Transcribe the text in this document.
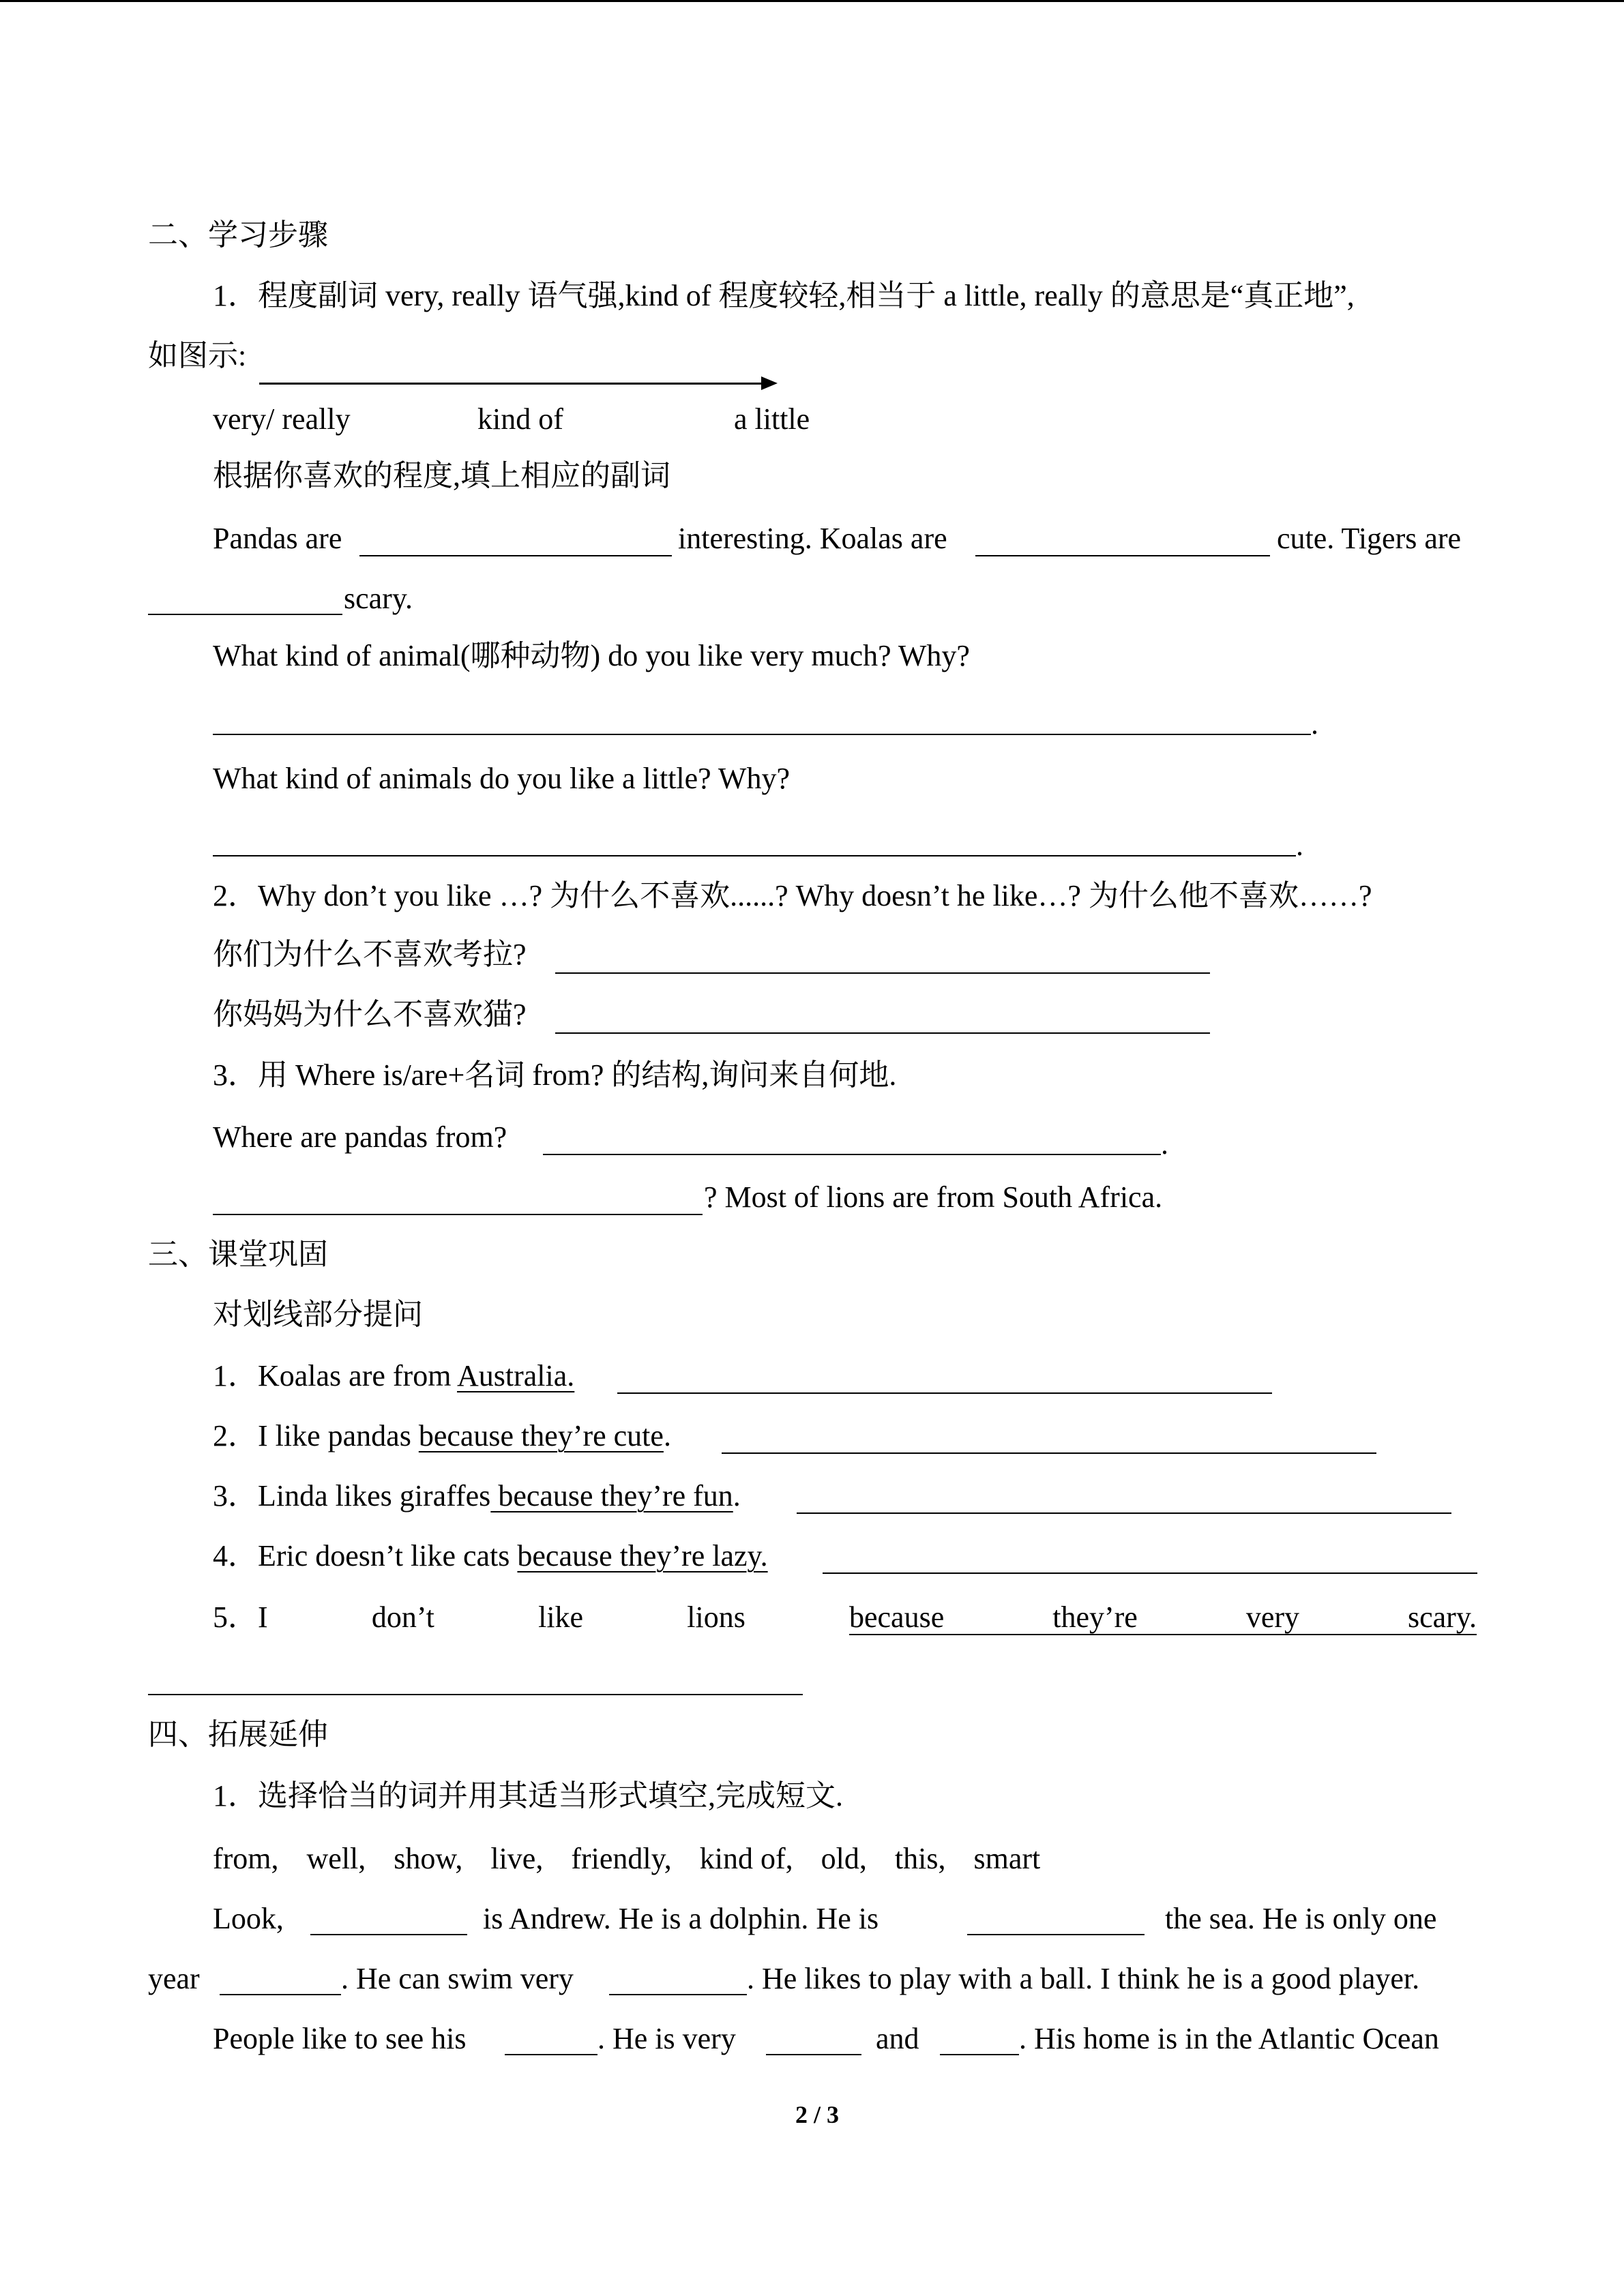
二、学习步骤
1．程度副词 very, really 语气强,kind of 程度较轻,相当于 a little, really 的意思是“真正地”,
如图示:
very/ really	kind of	a little
根据你喜欢的程度,填上相应的副词
Pandas are	interesting. Koalas are	cute. Tigers are
scary.
What kind of animal(哪种动物) do you like very much? Why?
.
What kind of animals do you like a little? Why?
.
2．Why don’t you like …? 为什么不喜欢......? Why doesn’t he like…? 为什么他不喜欢……?
你们为什么不喜欢考拉?
你妈妈为什么不喜欢猫?
3．用 Where is/are+名词 from? 的结构,询问来自何地.
Where are pandas from?	.
? Most of lions are from South Africa.
三、课堂巩固
对划线部分提问
1．Koalas are from Australia.
2．I like pandas because they’re cute.
3．Linda likes giraffes because they’re fun.
4．Eric doesn’t like cats because they’re lazy.
5．I	don’t	like	lions	because	they’re	very	scary.
四、拓展延伸
1．选择恰当的词并用其适当形式填空,完成短文.
from, well, show, live, friendly, kind of, old, this, smart
Look,	is Andrew. He is a dolphin. He is	the sea. He is only one
year	. He can swim very	. He likes to play with a ball. I think he is a good player.
People like to see his	. He is very	and	. His home is in the Atlantic Ocean
2 / 3
